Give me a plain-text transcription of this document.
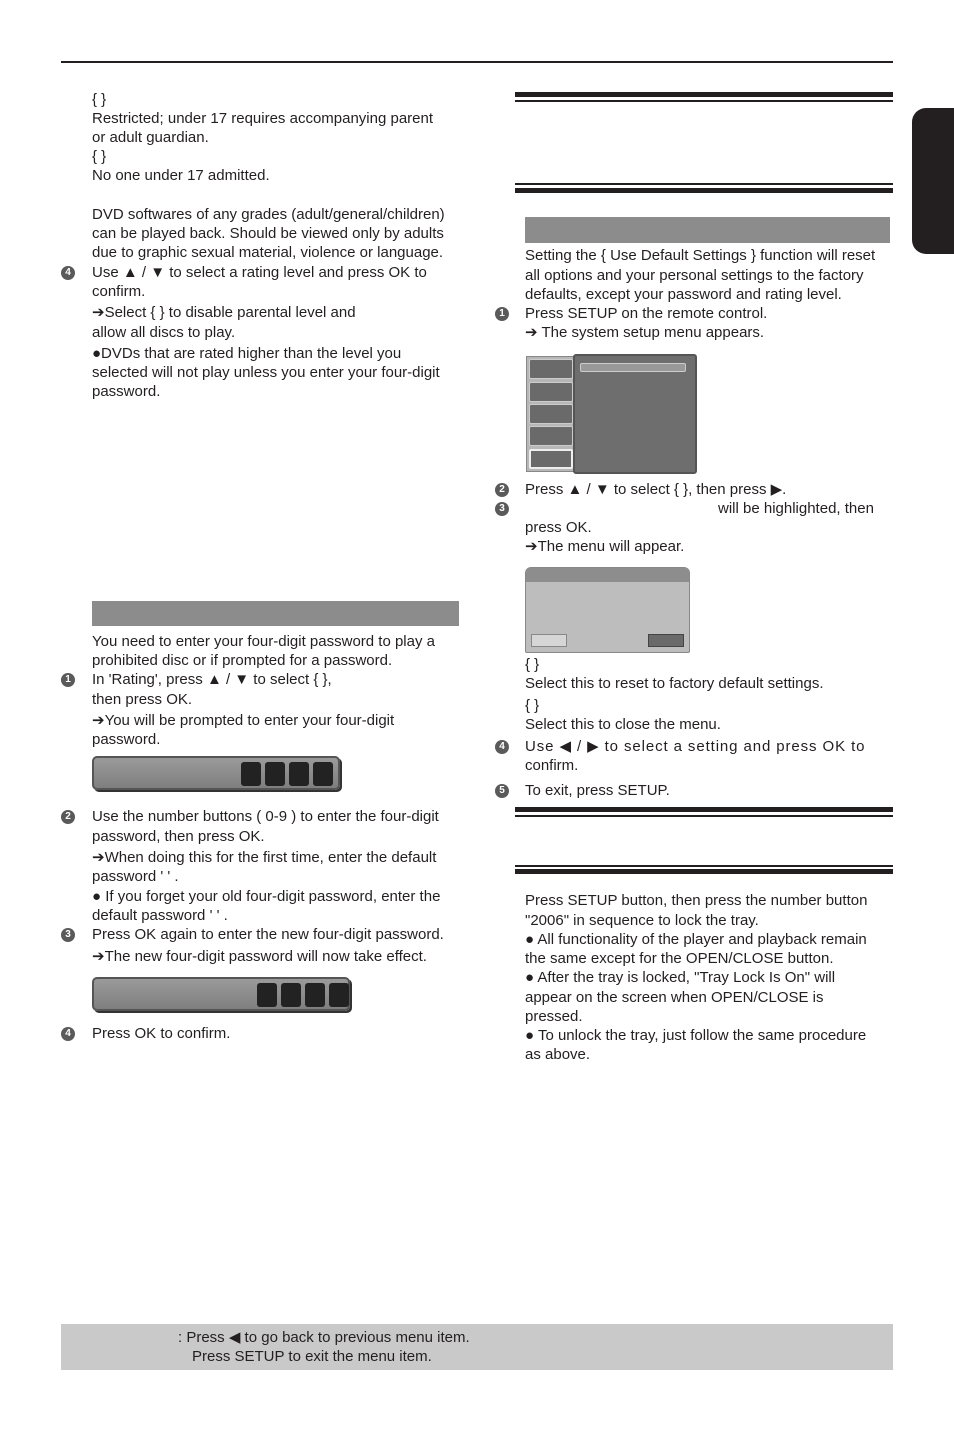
{ }
Restricted; under 17 requires accompanying parent
or adult guardian.
{ }
No one under 17 admitted.
DVD softwares of any grades (adult/general/children)
can be played back. Should be viewed only by adults
due to graphic sexual material, violence or language.
4 Use ▲ / ▼ to select a rating level and press OK to
confirm.
➔Select { } to disable parental level and
allow all discs to play.
●DVDs that are rated higher than the level you
selected will not play unless you enter your four-digit
password.
You need to enter your four-digit password to play a
prohibited disc or if prompted for a password.
1 In 'Rating', press ▲ / ▼ to select { },
then press OK.
➔You will be prompted to enter your four-digit
password.
2 Use the number buttons ( 0-9 ) to enter the four-digit
password, then press OK.
➔When doing this for the first time, enter the default
password ' ' .
● If you forget your old four-digit password, enter the
default password ' ' .
3 Press OK again to enter the new four-digit password.
➔The new four-digit password will now take effect.
4 Press OK to confirm.
Setting the { Use Default Settings } function will reset
all options and your personal settings to the factory
defaults, except your password and rating level.
1 Press SETUP on the remote control.
➔ The system setup menu appears.
2 Press ▲ / ▼ to select { }, then press ▶.
3	will be highlighted, then
press OK.
➔The menu will appear.
{ }
Select this to reset to factory default settings.
{ }
Select this to close the menu.
4 Use ◀ / ▶ to select a setting and press OK to
confirm.
5 To exit, press SETUP.
Press SETUP button, then press the number button
"2006" in sequence to lock the tray.
● All functionality of the player and playback remain
the same except for the OPEN/CLOSE button.
● After the tray is locked, "Tray Lock Is On" will
appear on the screen when OPEN/CLOSE is
pressed.
● To unlock the tray, just follow the same procedure
as above.
: Press ◀ to go back to previous menu item.
Press SETUP to exit the menu item.
